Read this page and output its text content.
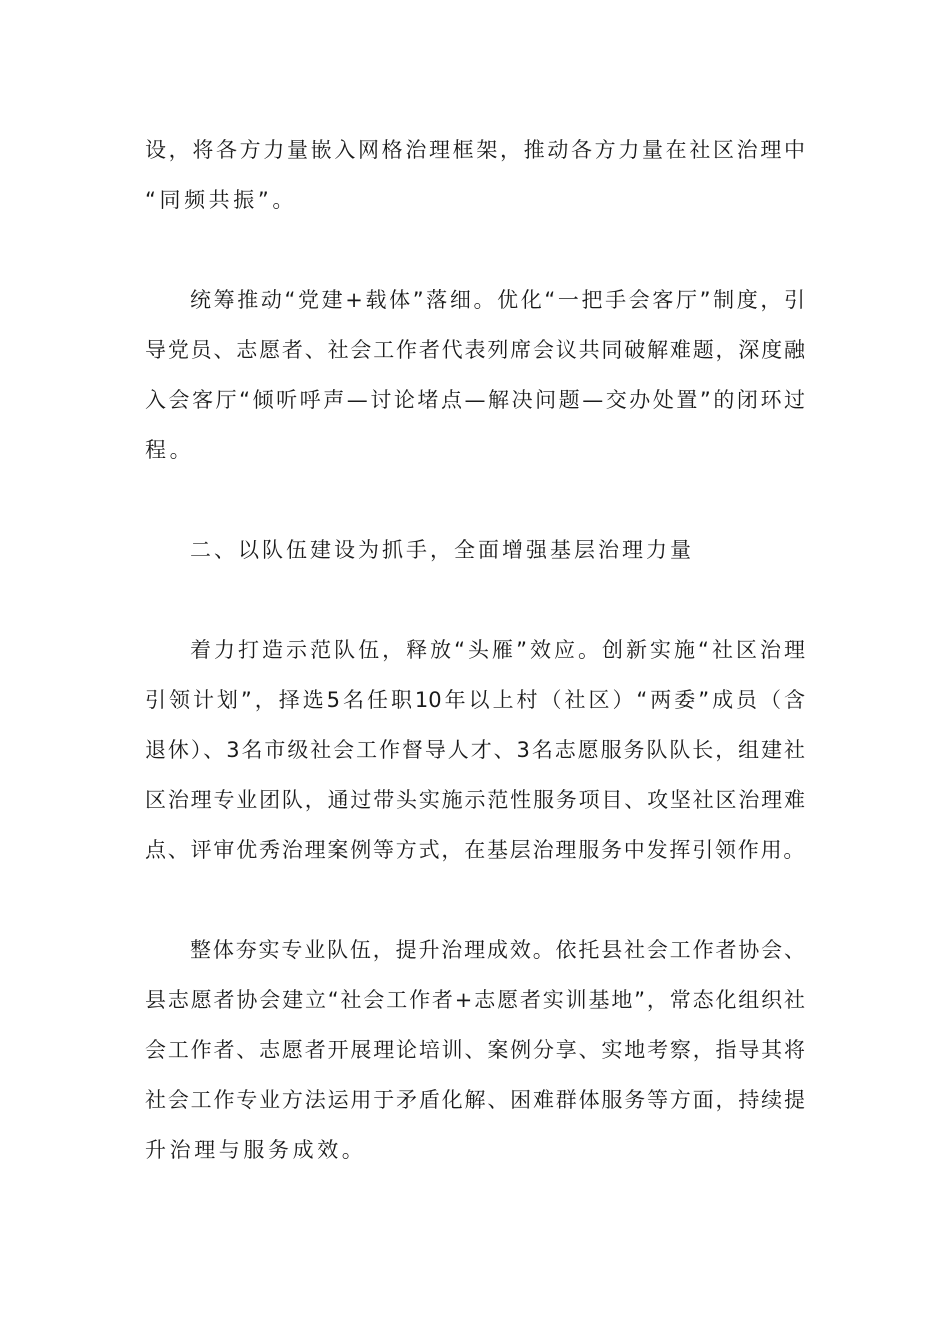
设，将各方力量嵌入网格治理框架，推动各方力量在社区治理中
“同频共振”。
统筹推动“党建+载体”落细。优化“一把手会客厅”制度，引
导党员、志愿者、社会工作者代表列席会议共同破解难题，深度融
入会客厅“倾听呼声—讨论堵点—解决问题—交办处置”的闭环过
程。
二、以队伍建设为抓手，全面增强基层治理力量
着力打造示范队伍，释放“头雁”效应。创新实施“社区治理
引领计划”，择选5名任职10年以上村（社区）“两委”成员（含
退休）、3名市级社会工作督导人才、3名志愿服务队队长，组建社
区治理专业团队，通过带头实施示范性服务项目、攻坚社区治理难
点、评审优秀治理案例等方式，在基层治理服务中发挥引领作用。
整体夯实专业队伍，提升治理成效。依托县社会工作者协会、
县志愿者协会建立“社会工作者+志愿者实训基地”，常态化组织社
会工作者、志愿者开展理论培训、案例分享、实地考察，指导其将
社会工作专业方法运用于矛盾化解、困难群体服务等方面，持续提
升治理与服务成效。
